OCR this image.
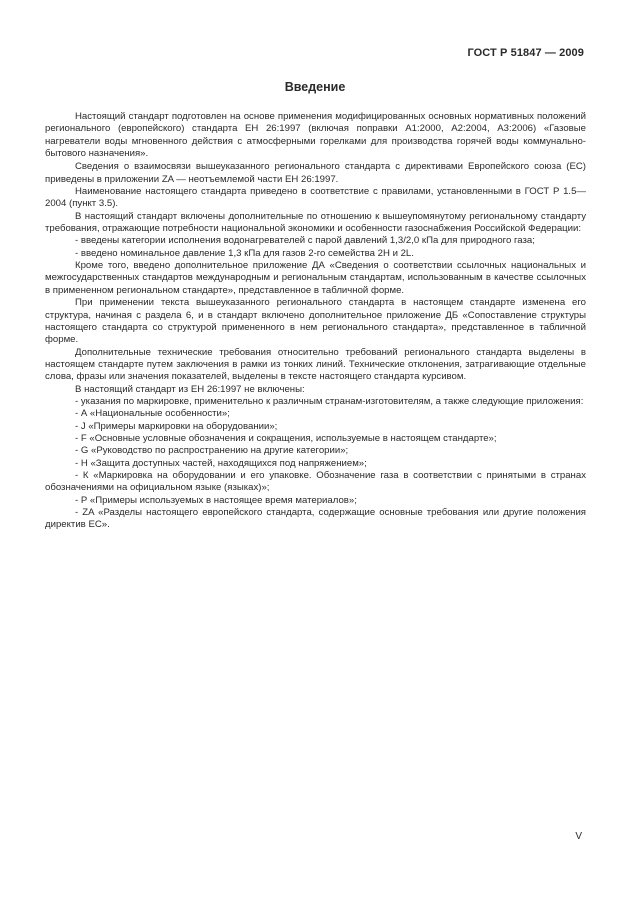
ГОСТ Р 51847 — 2009
Введение

Настоящий стандарт подготовлен на основе применения модифицированных основных нормативных положений регионального (европейского) стандарта ЕН 26:1997 (включая поправки А1:2000, А2:2004, А3:2006) «Газовые нагреватели воды мгновенного действия с атмосферными горелками для производства горячей воды коммунально-бытового назначения».

Сведения о взаимосвязи вышеуказанного регионального стандарта с директивами Европейского союза (ЕС) приведены в приложении ZA — неотъемлемой части ЕН 26:1997.

Наименование настоящего стандарта приведено в соответствие с правилами, установленными в ГОСТ Р 1.5—2004 (пункт 3.5).

В настоящий стандарт включены дополнительные по отношению к вышеупомянутому региональному стандарту требования, отражающие потребности национальной экономики и особенности газоснабжения Российской Федерации:

- введены категории исполнения водонагревателей с парой давлений 1,3/2,0 кПа для природного газа;

- введено номинальное давление 1,3 кПа для газов 2-го семейства 2Н и 2L.

Кроме того, введено дополнительное приложение ДА «Сведения о соответствии ссылочных национальных и межгосударственных стандартов международным и региональным стандартам, использованным в качестве ссылочных в примененном региональном стандарте», представленное в табличной форме.

При применении текста вышеуказанного регионального стандарта в настоящем стандарте изменена его структура, начиная с раздела 6, и в стандарт включено дополнительное приложение ДБ «Сопоставление структуры настоящего стандарта со структурой примененного в нем регионального стандарта», представленное в табличной форме.

Дополнительные технические требования относительно требований регионального стандарта выделены в настоящем стандарте путем заключения в рамки из тонких линий. Технические отклонения, затрагивающие отдельные слова, фразы или значения показателей, выделены в тексте настоящего стандарта курсивом.

В настоящий стандарт из ЕН 26:1997 не включены:

- указания по маркировке, применительно к различным странам-изготовителям, а также следующие приложения:

- А «Национальные особенности»;

- J «Примеры маркировки на оборудовании»;

- F «Основные условные обозначения и сокращения, используемые в настоящем стандарте»;

- G «Руководство по распространению на другие категории»;

- Н «Защита доступных частей, находящихся под напряжением»;

- К «Маркировка на оборудовании и его упаковке. Обозначение газа в соответствии с принятыми в странах обозначениями на официальном языке (языках)»;

- Р «Примеры используемых в настоящее время материалов»;

- ZA «Разделы настоящего европейского стандарта, содержащие основные требования или другие положения директив ЕС».

V
